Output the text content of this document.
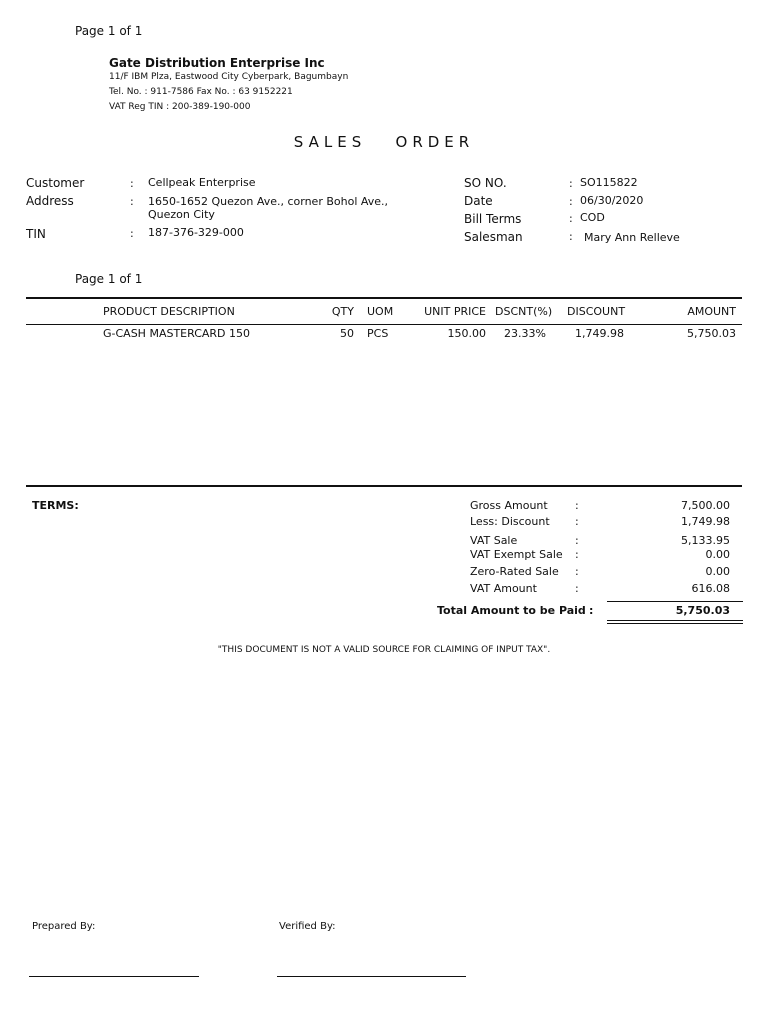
Page 1 of 1
Gate Distribution Enterprise Inc
11/F IBM Plza, Eastwood City Cyberpark, Bagumbayn
Tel. No. : 911-7586 Fax No. : 63 9152221
VAT Reg TIN : 200-389-190-000
SALES   ORDER
Customer	: Cellpeak Enterprise
Address	: 1650-1652 Quezon Ave., corner Bohol Ave., Quezon City
TIN	: 187-376-329-000
SO NO.	: SO115822
Date	: 06/30/2020
Bill Terms	: COD
Salesman	: Mary Ann Relleve
Page 1 of 1
PRODUCT DESCRIPTION	QTY UOM	UNIT PRICE DSCNT(%) DISCOUNT	AMOUNT
G-CASH MASTERCARD 150	50 PCS	150.00 23.33%	1,749.98	5,750.03
TERMS:	Gross Amount :	7,500.00
Less: Discount :	1,749.98
VAT Sale	:	5,133.95
VAT Exempt Sale :	0.00
Zero-Rated Sale :	0.00
VAT Amount	:	616.08
Total Amount to be Paid :	5,750.03
"THIS DOCUMENT IS NOT A VALID SOURCE FOR CLAIMING OF INPUT TAX".
Prepared By:	Verified By:
